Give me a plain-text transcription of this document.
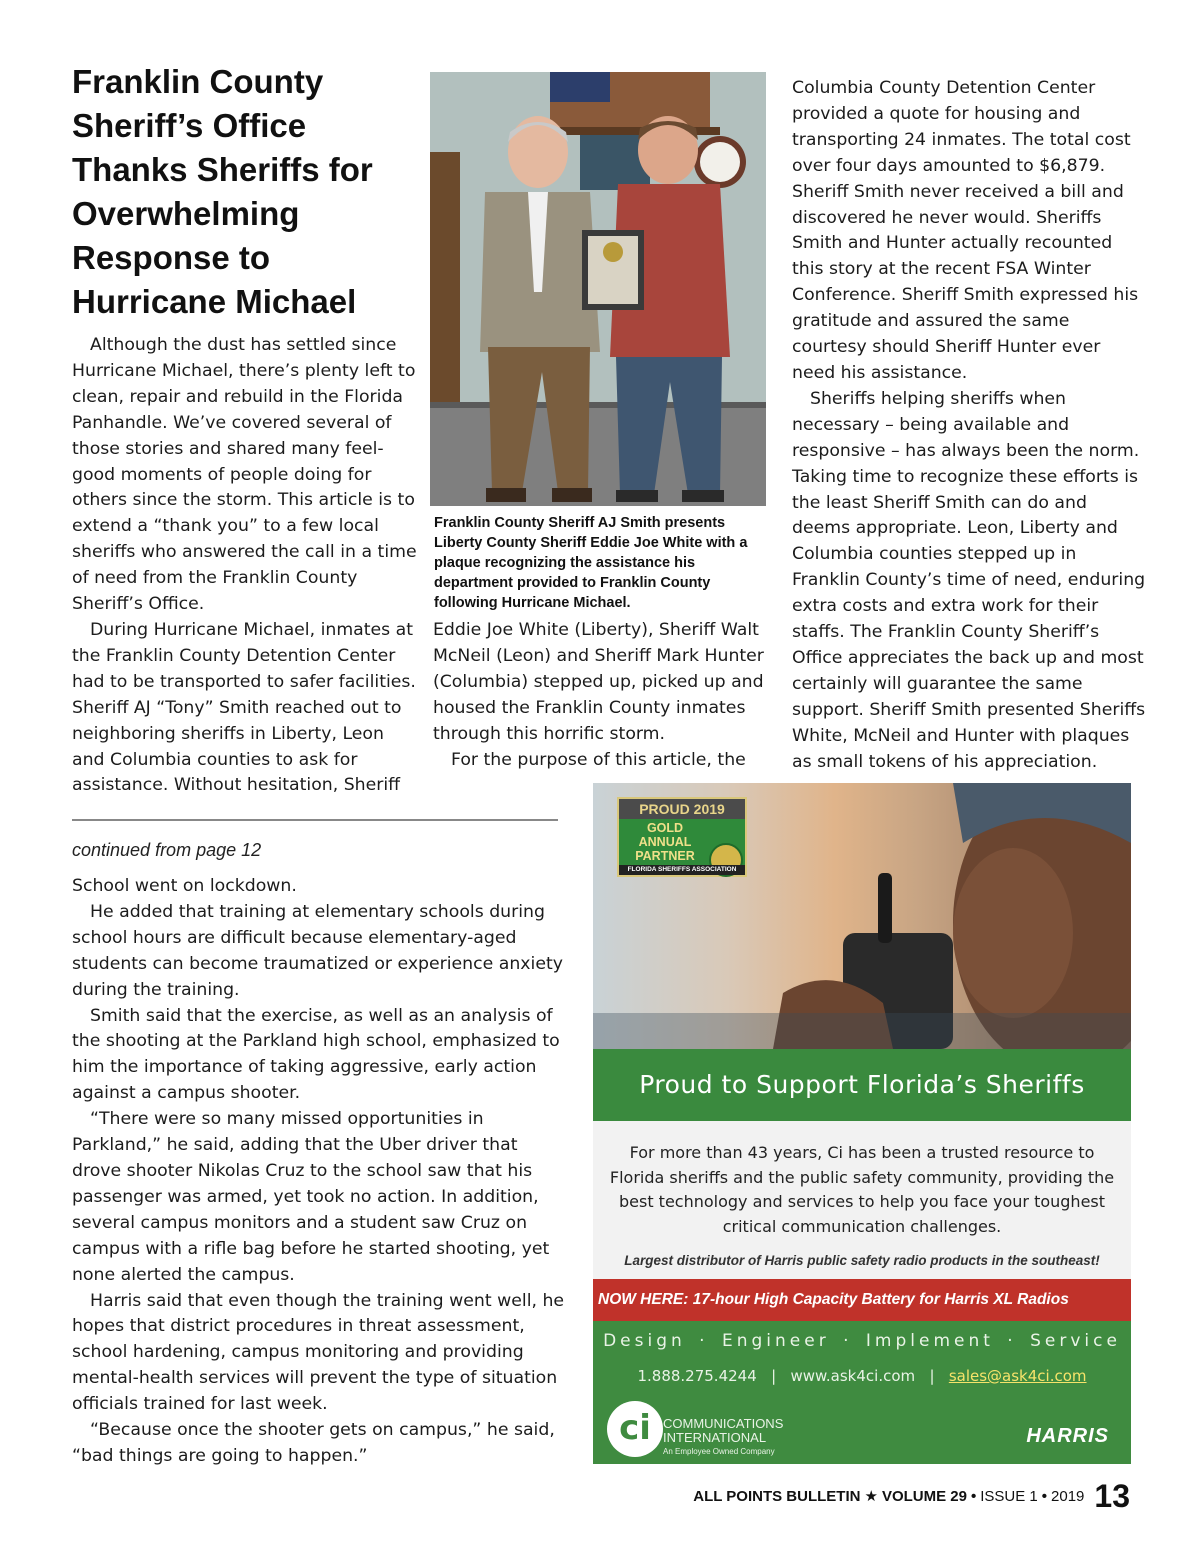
Franklin County Sheriff’s Office Thanks Sheriffs for Overwhelming Response to Hurricane Michael

Although the dust has settled since Hurricane Michael, there’s plenty left to clean, repair and rebuild in the Florida Panhandle. We’ve covered several of those stories and shared many feel-good moments of people doing for others since the storm. This article is to extend a “thank you” to a few local sheriffs who answered the call in a time of need from the Franklin County Sheriff’s Office.

During Hurricane Michael, inmates at the Franklin County Detention Center had to be transported to safer facilities. Sheriff AJ “Tony” Smith reached out to neighboring sheriffs in Liberty, Leon and Columbia counties to ask for assistance. Without hesitation, Sheriff

Franklin County Sheriff AJ Smith presents Liberty County Sheriff Eddie Joe White with a plaque recognizing the assistance his department provided to Franklin County following Hurricane Michael.

Eddie Joe White (Liberty), Sheriff Walt McNeil (Leon) and Sheriff Mark Hunter (Columbia) stepped up, picked up and housed the Franklin County inmates through this horrific storm.

For the purpose of this article, the

Columbia County Detention Center provided a quote for housing and transporting 24 inmates. The total cost over four days amounted to $6,879. Sheriff Smith never received a bill and discovered he never would. Sheriffs Smith and Hunter actually recounted this story at the recent FSA Winter Conference. Sheriff Smith expressed his gratitude and assured the same courtesy should Sheriff Hunter ever need his assistance.

Sheriffs helping sheriffs when necessary – being available and responsive – has always been the norm. Taking time to recognize these efforts is the least Sheriff Smith can do and deems appropriate. Leon, Liberty and Columbia counties stepped up in Franklin County’s time of need, enduring extra costs and extra work for their staffs. The Franklin County Sheriff’s Office appreciates the back up and most certainly will guarantee the same support. Sheriff Smith presented Sheriffs White, McNeil and Hunter with plaques as small tokens of his appreciation.

continued from page 12

School went on lockdown.

He added that training at elementary schools during school hours are difficult because elementary-aged students can become traumatized or experience anxiety during the training.

Smith said that the exercise, as well as an analysis of the shooting at the Parkland high school, emphasized to him the importance of taking aggressive, early action against a campus shooter.

“There were so many missed opportunities in Parkland,” he said, adding that the Uber driver that drove shooter Nikolas Cruz to the school saw that his passenger was armed, yet took no action. In addition, several campus monitors and a student saw Cruz on campus with a rifle bag before he started shooting, yet none alerted the campus.

Harris said that even though the training went well, he hopes that district procedures in threat assessment, school hardening, campus monitoring and providing mental-health services will prevent the type of situation officials trained for last week.

“Because once the shooter gets on campus,” he said, “bad things are going to happen.”

PROUD 2019
GOLD ANNUAL PARTNER
FLORIDA SHERIFFS ASSOCIATION
Proud to Support Florida’s Sheriffs
For more than 43 years, Ci has been a trusted resource to Florida sheriffs and the public safety community, providing the best technology and services to help you face your toughest critical communication challenges.
Largest distributor of Harris public safety radio products in the southeast!
NOW HERE: 17-hour High Capacity Battery for Harris XL Radios
Design · Engineer · Implement · Service
1.888.275.4244   |   www.ask4ci.com   |   sales@ask4ci.com
ci COMMUNICATIONS
INTERNATIONAL
An Employee Owned Company
HARRIS
ALL POINTS BULLETIN ★ VOLUME 29 • ISSUE 1 • 2019 13
